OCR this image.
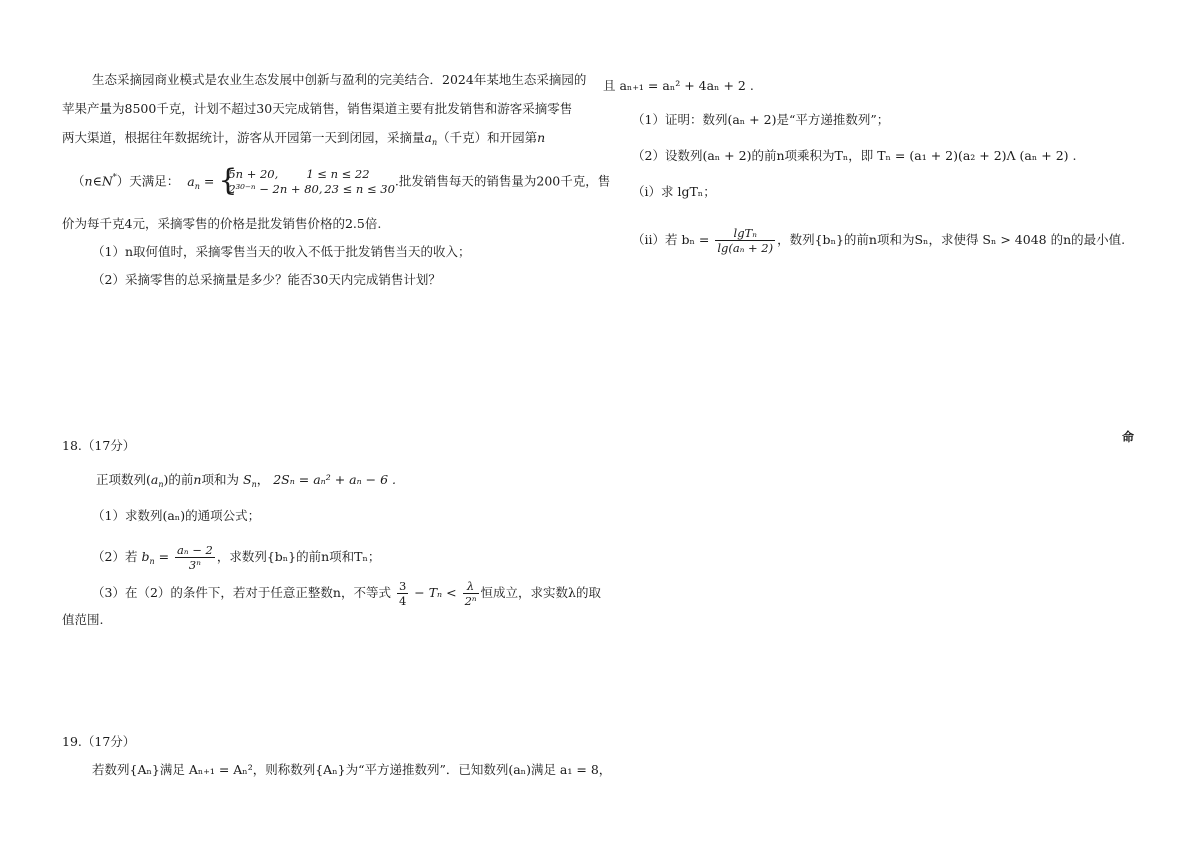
生态采摘园商业模式是农业生态发展中创新与盈利的完美结合．2024年某地生态采摘园的
苹果产量为8500千克，计划不超过30天完成销售，销售渠道主要有批发销售和游客采摘零售
两大渠道，根据往年数据统计，游客从开园第一天到闭园，采摘量$a_n$（千克）和开园第n
（n∈N*）天满足： $a_n$ = {
5n + 20, 1 ≤ n ≤ 22
2³⁰⁻ⁿ − 2n + 80, 23 ≤ n ≤ 30
.批发销售每天的销售量为200千克，售
价为每千克4元，采摘零售的价格是批发销售价格的2.5倍.
（1）n取何值时，采摘零售当天的收入不低于批发销售当天的收入；
（2）采摘零售的总采摘量是多少？能否30天内完成销售计划？
18.（17分）
正项数列$(a_n)$的前n项和为 $S_n$， 2Sₙ = aₙ² + aₙ − 6 .
（1）求数列(aₙ)的通项公式；
（2）若 $b_n = \frac{\text{aₙ − 2}}{\text{3ⁿ}}$ ，求数列{bₙ}的前n项和Tₙ；
（3）在（2）的条件下，若对于任意正整数n，不等式 $\frac{3}{4} - T_n < \frac{\lambda}{\text{2ⁿ}}$ 恒成立，求实数λ的取
值范围.
19.（17分）
若数列{Aₙ}满足 Aₙ₊₁ = Aₙ²，则称数列{Aₙ}为“平方递推数列”．已知数列(aₙ)满足 a₁ = 8，
且 aₙ₊₁ = aₙ² + 4aₙ + 2 .
（1）证明：数列(aₙ + 2)是“平方递推数列”；
（2）设数列(aₙ + 2)的前n项乘积为Tₙ，即 Tₙ = (a₁ + 2)(a₂ + 2)Λ (aₙ + 2) .
（i）求 lgTₙ；
（ii）若 $b_n = \frac{\text{lgTₙ}}{\text{lg(aₙ + 2)}}$ ，数列{bₙ}的前n项和为Sₙ，求使得 Sₙ > 4048 的n的最小值.
命
